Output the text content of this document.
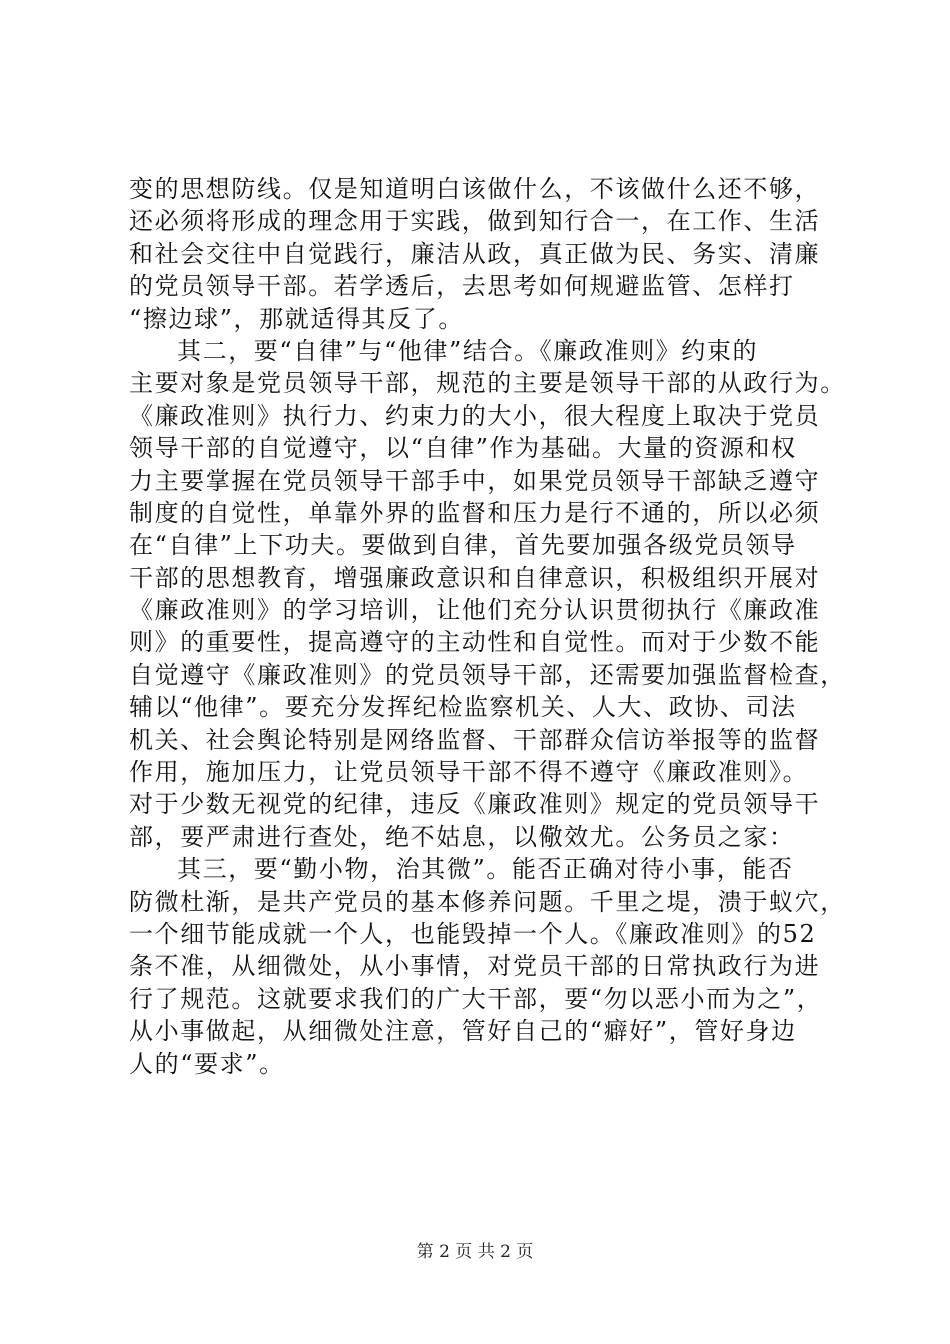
变的思想防线。仅是知道明白该做什么，不该做什么还不够，
还必须将形成的理念用于实践，做到知行合一，在工作、生活
和社会交往中自觉践行，廉洁从政，真正做为民、务实、清廉
的党员领导干部。若学透后，去思考如何规避监管、怎样打
“擦边球”，那就适得其反了。
其二，要“自律”与“他律”结合。《廉政准则》约束的
主要对象是党员领导干部，规范的主要是领导干部的从政行为。
《廉政准则》执行力、约束力的大小，很大程度上取决于党员
领导干部的自觉遵守，以“自律”作为基础。大量的资源和权
力主要掌握在党员领导干部手中，如果党员领导干部缺乏遵守
制度的自觉性，单靠外界的监督和压力是行不通的，所以必须
在“自律”上下功夫。要做到自律，首先要加强各级党员领导
干部的思想教育，增强廉政意识和自律意识，积极组织开展对
《廉政准则》的学习培训，让他们充分认识贯彻执行《廉政准
则》的重要性，提高遵守的主动性和自觉性。而对于少数不能
自觉遵守《廉政准则》的党员领导干部，还需要加强监督检查，
辅以“他律”。要充分发挥纪检监察机关、人大、政协、司法
机关、社会舆论特别是网络监督、干部群众信访举报等的监督
作用，施加压力，让党员领导干部不得不遵守《廉政准则》。
对于少数无视党的纪律，违反《廉政准则》规定的党员领导干
部，要严肃进行查处，绝不姑息，以儆效尤。公务员之家：
其三，要“勤小物，治其微”。能否正确对待小事，能否
防微杜渐，是共产党员的基本修养问题。千里之堤，溃于蚁穴，
一个细节能成就一个人，也能毁掉一个人。《廉政准则》的52
条不准，从细微处，从小事情，对党员干部的日常执政行为进
行了规范。这就要求我们的广大干部，要“勿以恶小而为之”，
从小事做起，从细微处注意，管好自己的“癖好”，管好身边
人的“要求”。
第 2 页 共 2 页
